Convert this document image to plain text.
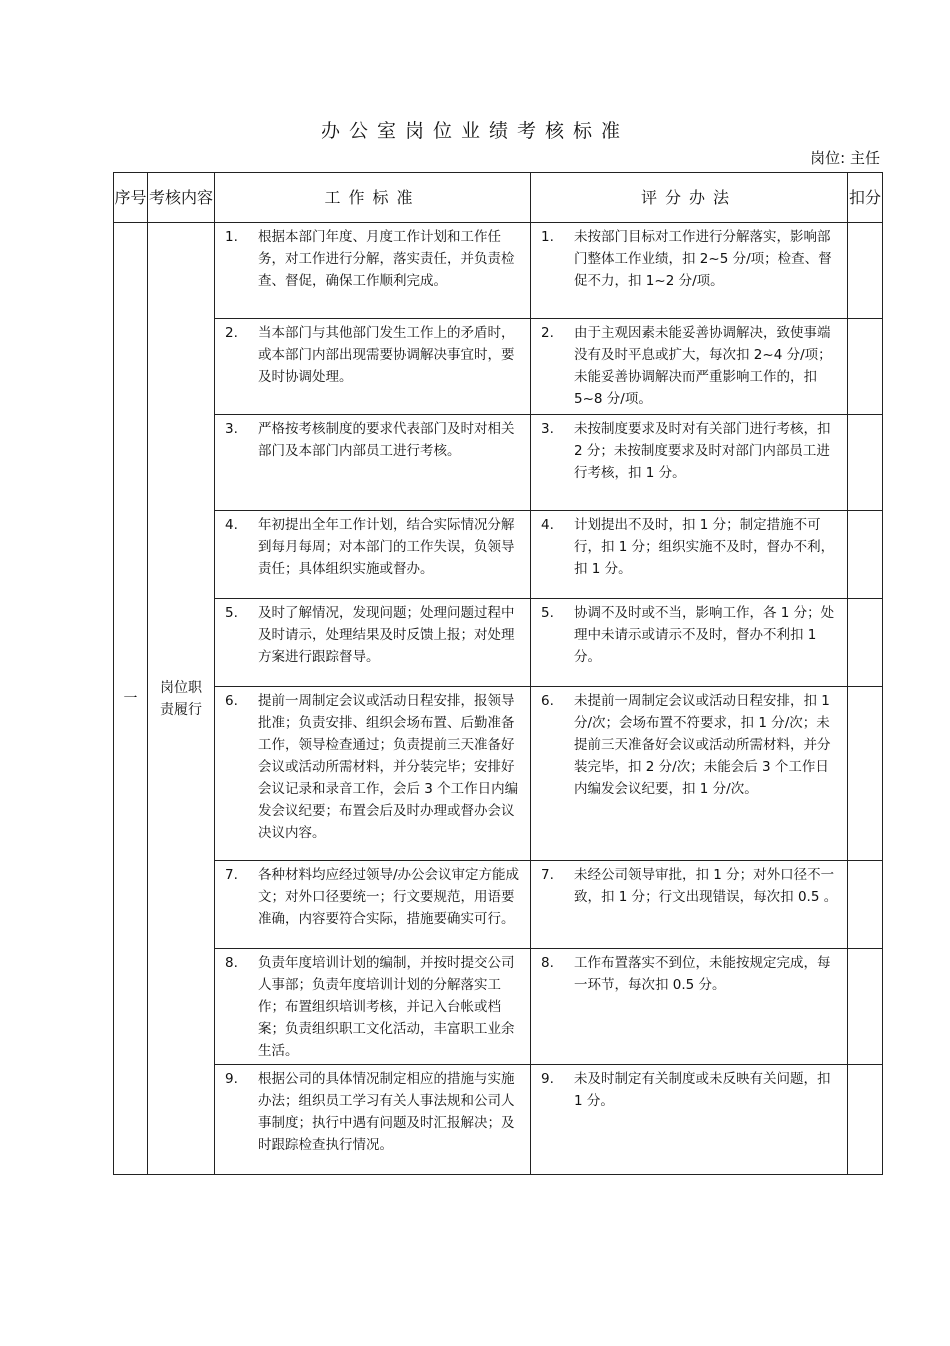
办公室岗位业绩考核标准
岗位: 主任
序号	考核内容	工作标准	评分办法	扣分
一	岗位职责履行	1. 根据本部门年度、月度工作计划和工作任务，对工作进行分解，落实责任，并负责检查、督促，确保工作顺利完成。	1. 未按部门目标对工作进行分解落实，影响部门整体工作业绩，扣 2~5 分/项；检查、督促不力，扣 1~2 分/项。	

		2. 当本部门与其他部门发生工作上的矛盾时，或本部门内部出现需要协调解决事宜时，要及时协调处理。	2. 由于主观因素未能妥善协调解决，致使事端没有及时平息或扩大，每次扣 2~4 分/项；未能妥善协调解决而严重影响工作的，扣 5~8 分/项。	

		3. 严格按考核制度的要求代表部门及时对相关部门及本部门内部员工进行考核。	3. 未按制度要求及时对有关部门进行考核，扣 2 分；未按制度要求及时对部门内部员工进行考核，扣 1 分。	

		4. 年初提出全年工作计划，结合实际情况分解到每月每周；对本部门的工作失误，负领导责任；具体组织实施或督办。	4. 计划提出不及时，扣 1 分；制定措施不可行，扣 1 分；组织实施不及时，督办不利，扣 1 分。	

		5. 及时了解情况，发现问题；处理问题过程中及时请示，处理结果及时反馈上报；对处理方案进行跟踪督导。	5. 协调不及时或不当，影响工作，各 1 分；处理中未请示或请示不及时，督办不利扣 1 分。	

		6. 提前一周制定会议或活动日程安排，报领导批准；负责安排、组织会场布置、后勤准备工作，领导检查通过；负责提前三天准备好会议或活动所需材料，并分装完毕；安排好会议记录和录音工作，会后 3 个工作日内编发会议纪要；布置会后及时办理或督办会议决议内容。	6. 未提前一周制定会议或活动日程安排，扣 1 分/次；会场布置不符要求，扣 1 分/次；未提前三天准备好会议或活动所需材料，并分装完毕，扣 2 分/次；未能会后 3 个工作日内编发会议纪要，扣 1 分/次。	

		7. 各种材料均应经过领导/办公会议审定方能成文；对外口径要统一；行文要规范，用语要准确，内容要符合实际，措施要确实可行。	7. 未经公司领导审批，扣 1 分；对外口径不一致，扣 1 分；行文出现错误，每次扣 0.5 。	

		8. 负责年度培训计划的编制，并按时提交公司人事部；负责年度培训计划的分解落实工作；布置组织培训考核，并记入台帐或档案；负责组织职工文化活动，丰富职工业余生活。	8. 工作布置落实不到位，未能按规定完成，每一环节，每次扣 0.5 分。	

		9. 根据公司的具体情况制定相应的措施与实施办法；组织员工学习有关人事法规和公司人事制度；执行中遇有问题及时汇报解决；及时跟踪检查执行情况。	9. 未及时制定有关制度或未反映有关问题，扣 1 分。	
